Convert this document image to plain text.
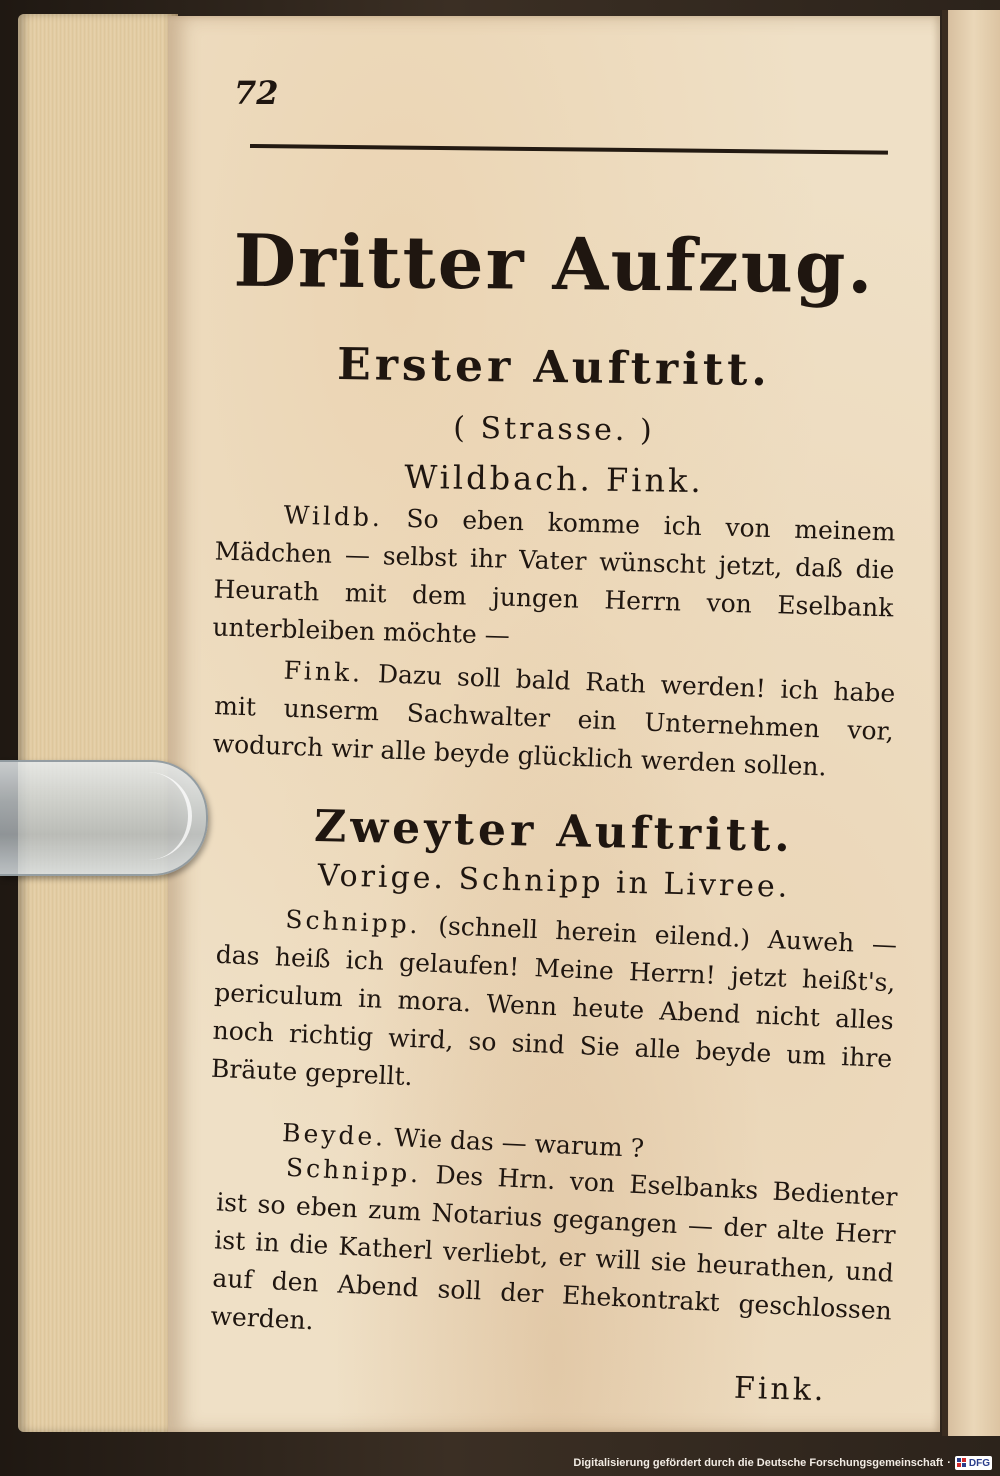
72
Dritter Aufzug.
Erster Auftritt.
( Strasse. )
Wildbach. Fink.

Wildb. So eben komme ich von meinem Mädchen — selbst ihr Vater wünscht jetzt, daß die Heurath mit dem jungen Herrn von Eselbank unterbleiben möchte —

Fink. Dazu soll bald Rath werden! ich habe mit unserm Sachwalter ein Unternehmen vor, wodurch wir alle beyde glücklich werden sollen.

Zweyter Auftritt.
Vorige. Schnipp in Livree.

Schnipp. (schnell herein eilend.) Auweh — das heiß ich gelaufen! Meine Herrn! jetzt heißt's, periculum in mora. Wenn heute Abend nicht alles noch richtig wird, so sind Sie alle beyde um ihre Bräute geprellt.

Beyde. Wie das — warum ?

Schnipp. Des Hrn. von Eselbanks Bedienter ist so eben zum Notarius gegangen — der alte Herr ist in die Katherl verliebt, er will sie heurathen, und auf den Abend soll der Ehekontrakt geschlossen werden.

Fink.
Digitalisierung gefördert durch die Deutsche Forschungsgemeinschaft · DFG
